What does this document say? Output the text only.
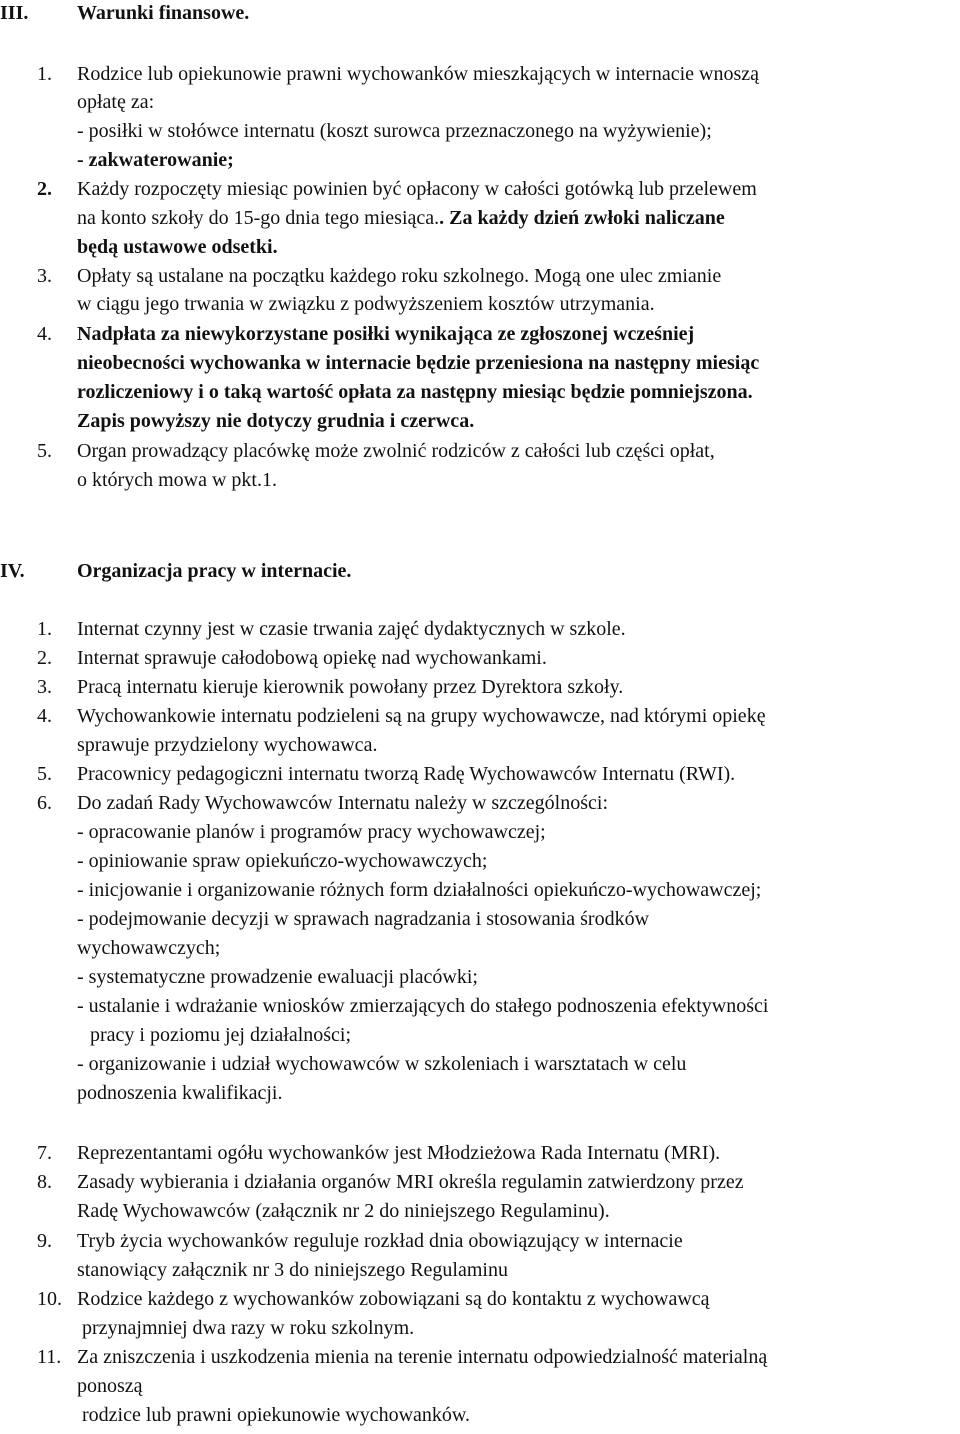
III. Warunki finansowe.
1. Rodzice lub opiekunowie prawni wychowanków mieszkających w internacie wnoszą
opłatę za:
- posiłki w stołówce internatu (koszt surowca przeznaczonego na wyżywienie);
- zakwaterowanie;
2. Każdy rozpoczęty miesiąc powinien być opłacony w całości gotówką lub przelewem
na konto szkoły do 15-go dnia tego miesiąca.. Za każdy dzień zwłoki naliczane
będą ustawowe odsetki.
3. Opłaty są ustalane na początku każdego roku szkolnego. Mogą one ulec zmianie
w ciągu jego trwania w związku z podwyższeniem kosztów utrzymania.
4. Nadpłata za niewykorzystane posiłki wynikająca ze zgłoszonej wcześniej
nieobecności wychowanka w internacie będzie przeniesiona na następny miesiąc
rozliczeniowy i o taką wartość opłata za następny miesiąc będzie pomniejszona.
Zapis powyższy nie dotyczy grudnia i czerwca.
5. Organ prowadzący placówkę może zwolnić rodziców z całości lub części opłat,
o których mowa w pkt.1.
IV.	Organizacja pracy w internacie.
1. Internat czynny jest w czasie trwania zajęć dydaktycznych w szkole.
2. Internat sprawuje całodobową opiekę nad wychowankami.
3. Pracą internatu kieruje kierownik powołany przez Dyrektora szkoły.
4. Wychowankowie internatu podzieleni są na grupy wychowawcze, nad którymi opiekę
sprawuje przydzielony wychowawca.
5. Pracownicy pedagogiczni internatu tworzą Radę Wychowawców Internatu (RWI).
6. Do zadań Rady Wychowawców Internatu należy w szczególności:
- opracowanie planów i programów pracy wychowawczej;
- opiniowanie spraw opiekuńczo-wychowawczych;
- inicjowanie i organizowanie różnych form działalności opiekuńczo-wychowawczej;
- podejmowanie decyzji w sprawach nagradzania i stosowania środków
wychowawczych;
- systematyczne prowadzenie ewaluacji placówki;
- ustalanie i wdrażanie wniosków zmierzających do stałego podnoszenia efektywności
pracy i poziomu jej działalności;
- organizowanie i udział wychowawców w szkoleniach i warsztatach w celu
podnoszenia kwalifikacji.
7. Reprezentantami ogółu wychowanków jest Młodzieżowa Rada Internatu (MRI).
8. Zasady wybierania i działania organów MRI określa regulamin zatwierdzony przez
Radę Wychowawców (załącznik nr 2 do niniejszego Regulaminu).
9. Tryb życia wychowanków reguluje rozkład dnia obowiązujący w internacie
stanowiący załącznik nr 3 do niniejszego Regulaminu
10. Rodzice każdego z wychowanków zobowiązani są do kontaktu z wychowawcą
przynajmniej dwa razy w roku szkolnym.
11. Za zniszczenia i uszkodzenia mienia na terenie internatu odpowiedzialność materialną
ponoszą
rodzice lub prawni opiekunowie wychowanków.
